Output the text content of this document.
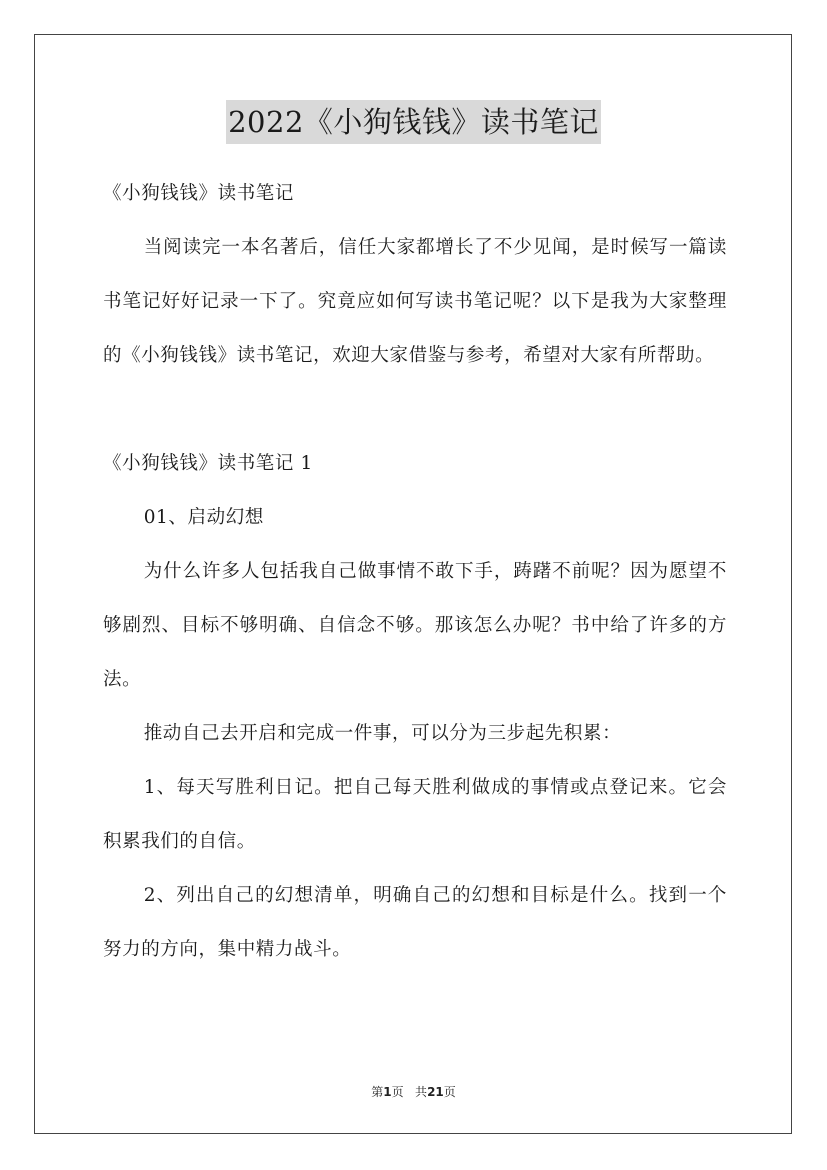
2022《小狗钱钱》读书笔记

《小狗钱钱》读书笔记

当阅读完一本名著后，信任大家都增长了不少见闻，是时候写一篇读书笔记好好记录一下了。究竟应如何写读书笔记呢？以下是我为大家整理的《小狗钱钱》读书笔记，欢迎大家借鉴与参考，希望对大家有所帮助。

《小狗钱钱》读书笔记 1

01、启动幻想

为什么许多人包括我自己做事情不敢下手，踌躇不前呢？因为愿望不够剧烈、目标不够明确、自信念不够。那该怎么办呢？书中给了许多的方法。

推动自己去开启和完成一件事，可以分为三步起先积累：

1、每天写胜利日记。把自己每天胜利做成的事情或点登记来。它会积累我们的自信。

2、列出自己的幻想清单，明确自己的幻想和目标是什么。找到一个努力的方向，集中精力战斗。

第1页 共21页
